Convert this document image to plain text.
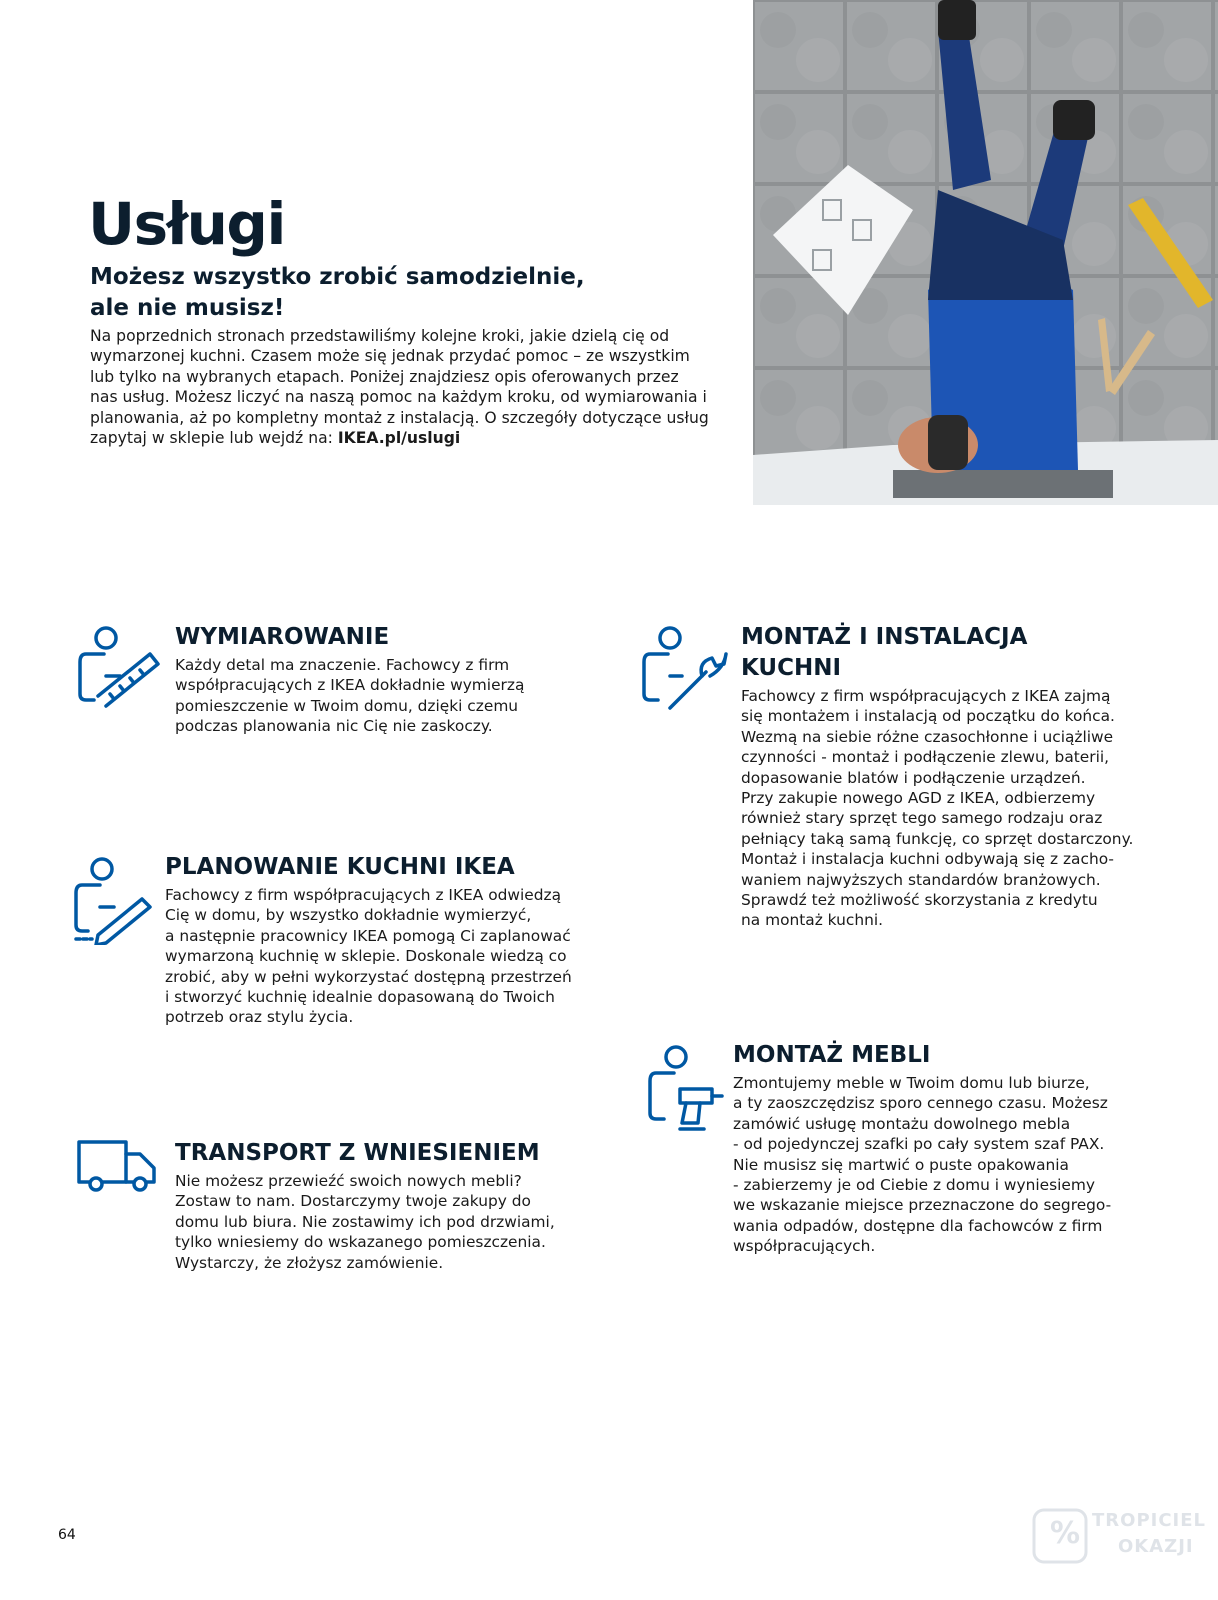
Usługi
Możesz wszystko zrobić samodzielnie,
ale nie musisz!

Na poprzednich stronach przedstawiliśmy kolejne kroki, jakie dzielą cię od wymarzonej kuchni. Czasem może się jednak przydać pomoc – ze wszystkim lub tylko na wybranych etapach. Poniżej znajdziesz opis oferowanych przez nas usług. Możesz liczyć na naszą pomoc na każdym kroku, od wymiarowania i planowania, aż po kompletny montaż z instalacją. O szczegóły dotyczące usług zapytaj w sklepie lub wejdź na: IKEA.pl/uslugi

WYMIAROWANIE

Każdy detal ma znaczenie. Fachowcy z firm
współpracujących z IKEA dokładnie wymierzą
pomieszczenie w Twoim domu, dzięki czemu
podczas planowania nic Cię nie zaskoczy.

PLANOWANIE KUCHNI IKEA

Fachowcy z firm współpracujących z IKEA odwiedzą
Cię w domu, by wszystko dokładnie wymierzyć,
a następnie pracownicy IKEA pomogą Ci zaplanować
wymarzoną kuchnię w sklepie. Doskonale wiedzą co
zrobić, aby w pełni wykorzystać dostępną przestrzeń
i stworzyć kuchnię idealnie dopasowaną do Twoich
potrzeb oraz stylu życia.

TRANSPORT Z WNIESIENIEM

Nie możesz przewieźć swoich nowych mebli?
Zostaw to nam. Dostarczymy twoje zakupy do
domu lub biura. Nie zostawimy ich pod drzwiami,
tylko wniesiemy do wskazanego pomieszczenia.
Wystarczy, że złożysz zamówienie.

MONTAŻ I INSTALACJA
KUCHNI

Fachowcy z firm współpracujących z IKEA zajmą
się montażem i instalacją od początku do końca.
Wezmą na siebie różne czasochłonne i uciążliwe
czynności - montaż i podłączenie zlewu, baterii,
dopasowanie blatów i podłączenie urządzeń.
Przy zakupie nowego AGD z IKEA, odbierzemy
również stary sprzęt tego samego rodzaju oraz
pełniący taką samą funkcję, co sprzęt dostarczony.
Montaż i instalacja kuchni odbywają się z zacho-
waniem najwyższych standardów branżowych.
Sprawdź też możliwość skorzystania z kredytu
na montaż kuchni.

MONTAŻ MEBLI

Zmontujemy meble w Twoim domu lub biurze,
a ty zaoszczędzisz sporo cennego czasu. Możesz
zamówić usługę montażu dowolnego mebla
- od pojedynczej szafki po cały system szaf PAX.
Nie musisz się martwić o puste opakowania
- zabierzemy je od Ciebie z domu i wyniesiemy
we wskazanie miejsce przeznaczone do segrego-
wania odpadów, dostępne dla fachowców z firm
współpracujących.

64	% TROPICIEL
OKAZJI
